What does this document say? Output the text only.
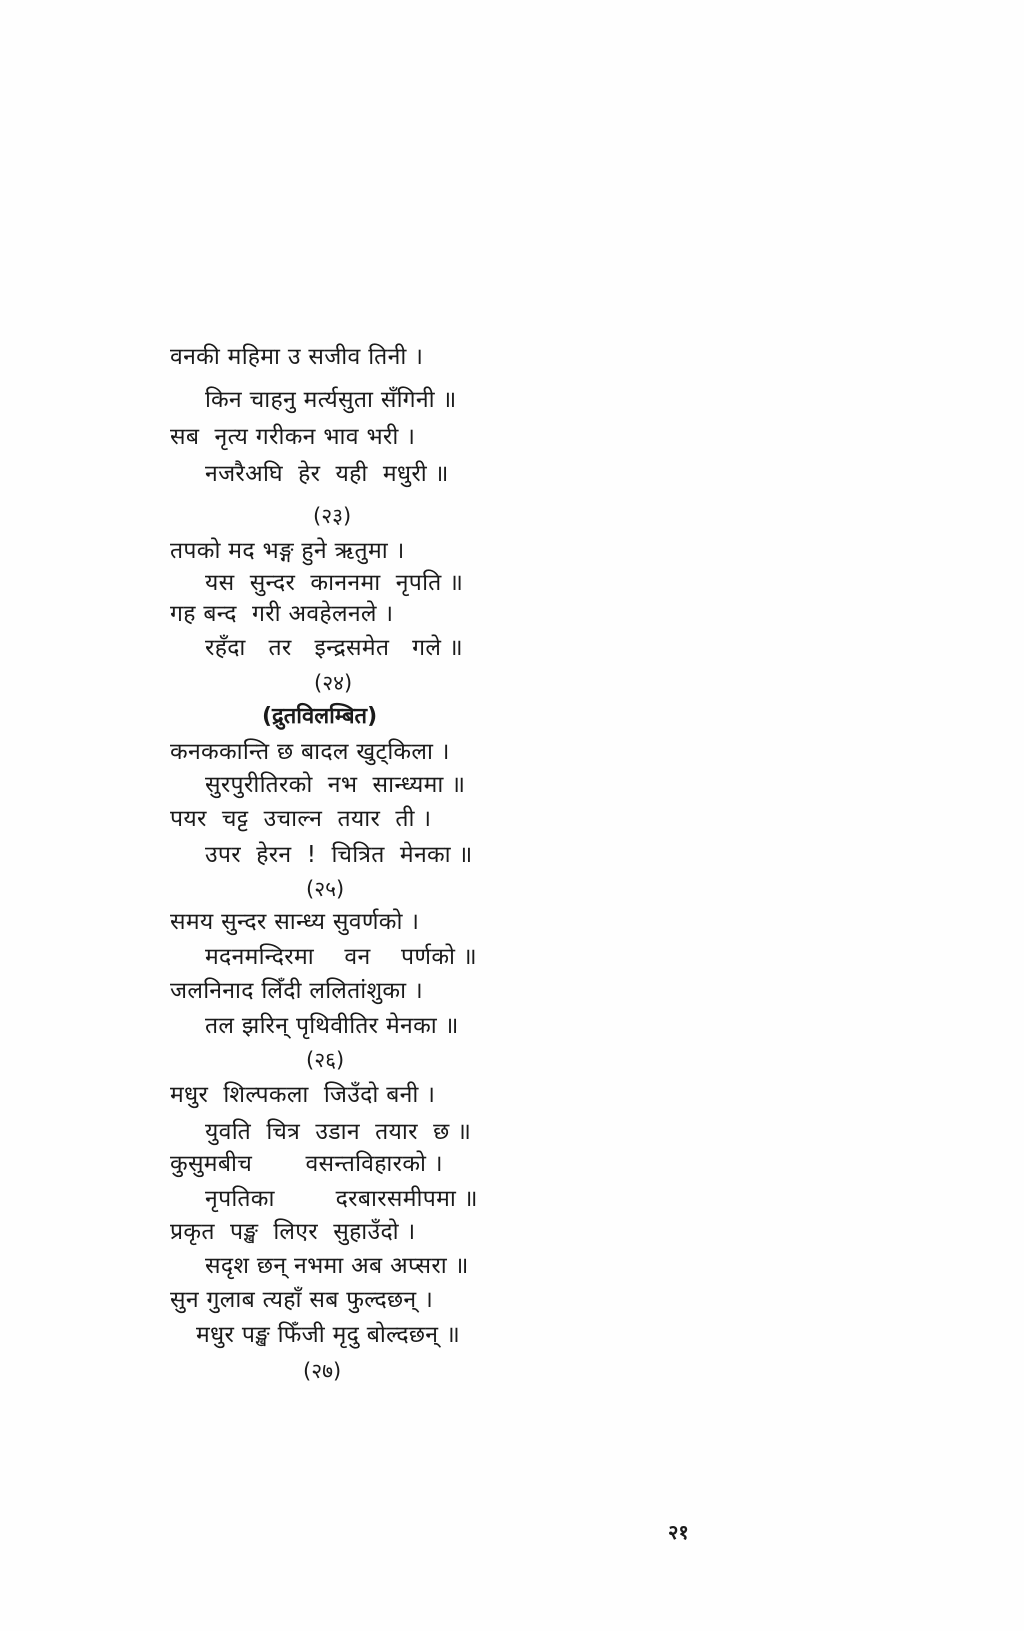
वनकी महिमा उ सजीव तिनी ।
किन चाहनु मर्त्यसुता सँगिनी ॥
सब  नृत्य गरीकन भाव भरी ।
नजरैअघि  हेर  यही  मधुरी ॥
(२३)
तपको मद भङ्ग हुने ऋतुमा ।
यस  सुन्दर  काननमा  नृपति ॥
गह बन्द  गरी अवहेलनले ।
रहँदा   तर   इन्द्रसमेत   गले ॥
(२४)
(द्रुतविलम्बित)
कनककान्ति छ बादल खुट्किला ।
सुरपुरीतिरको  नभ  सान्ध्यमा ॥
पयर  चट्ट  उचाल्न  तयार  ती ।
उपर  हेरन  !  चित्रित  मेनका ॥
(२५)
समय सुन्दर सान्ध्य सुवर्णको ।
मदनमन्दिरमा    वन    पर्णको ॥
जलनिनाद लिँदी ललितांशुका ।
तल झरिन् पृथिवीतिर मेनका ॥
(२६)
मधुर  शिल्पकला  जिउँदो बनी ।
युवति  चित्र  उडान  तयार  छ ॥
कुसुमबीच       वसन्तविहारको ।
नृपतिका        दरबारसमीपमा ॥
प्रकृत  पङ्ख  लिएर  सुहाउँदो ।
सदृश छन् नभमा अब अप्सरा ॥
सुन गुलाब त्यहाँ सब फुल्दछन् ।
मधुर पङ्ख फिँजी मृदु बोल्दछन् ॥
(२७)
२१
